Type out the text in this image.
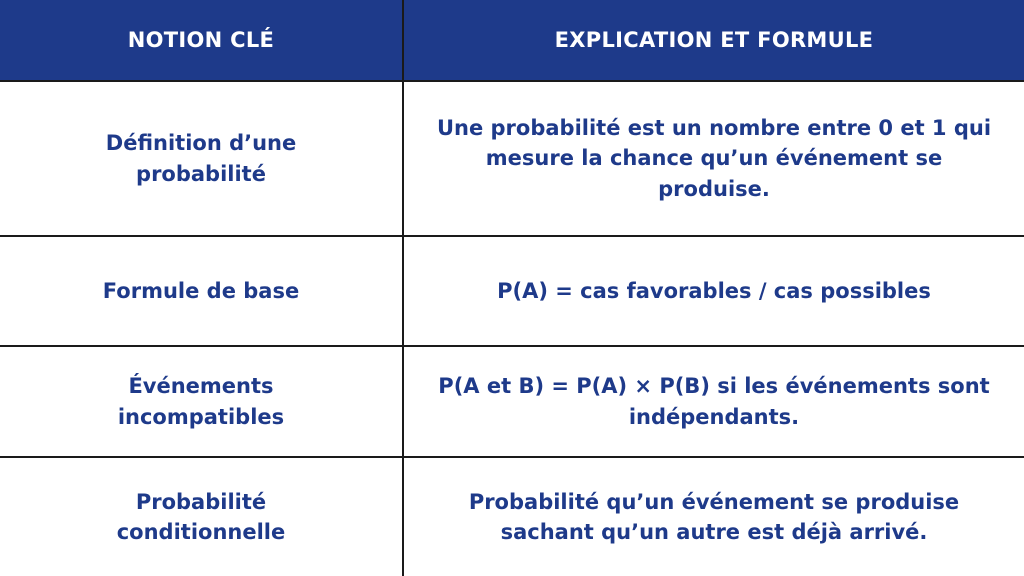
NOTION CLÉ	EXPLICATION ET FORMULE
Définition d’une probabilité
Une probabilité est un nombre entre 0 et 1 qui mesure la chance qu’un événement se produise.
Formule de base	P(A) = cas favorables / cas possibles
Événements incompatibles
P(A et B) = P(A) × P(B) si les événements sont indépendants.
Probabilité conditionnelle
Probabilité qu’un événement se produise sachant qu’un autre est déjà arrivé.
